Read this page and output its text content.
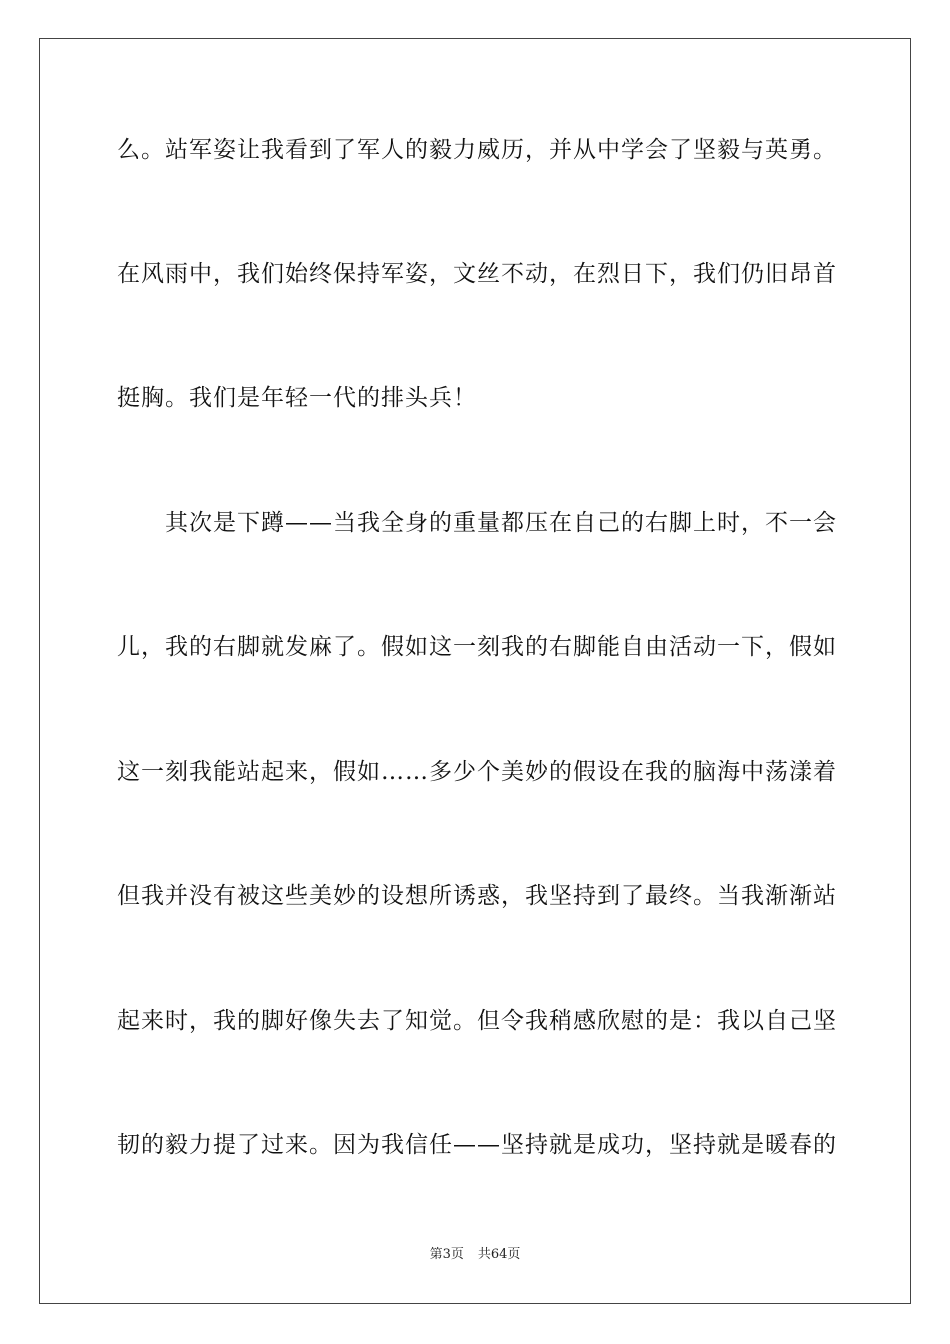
么。站军姿让我看到了军人的毅力威历，并从中学会了坚毅与英勇。
在风雨中，我们始终保持军姿，文丝不动，在烈日下，我们仍旧昂首
挺胸。我们是年轻一代的排头兵！
其次是下蹲——当我全身的重量都压在自己的右脚上时，不一会
儿，我的右脚就发麻了。假如这一刻我的右脚能自由活动一下，假如
这一刻我能站起来，假如……多少个美妙的假设在我的脑海中荡漾着
但我并没有被这些美妙的设想所诱惑，我坚持到了最终。当我渐渐站
起来时，我的脚好像失去了知觉。但令我稍感欣慰的是：我以自己坚
韧的毅力提了过来。因为我信任——坚持就是成功，坚持就是暖春的
第3页 共64页
